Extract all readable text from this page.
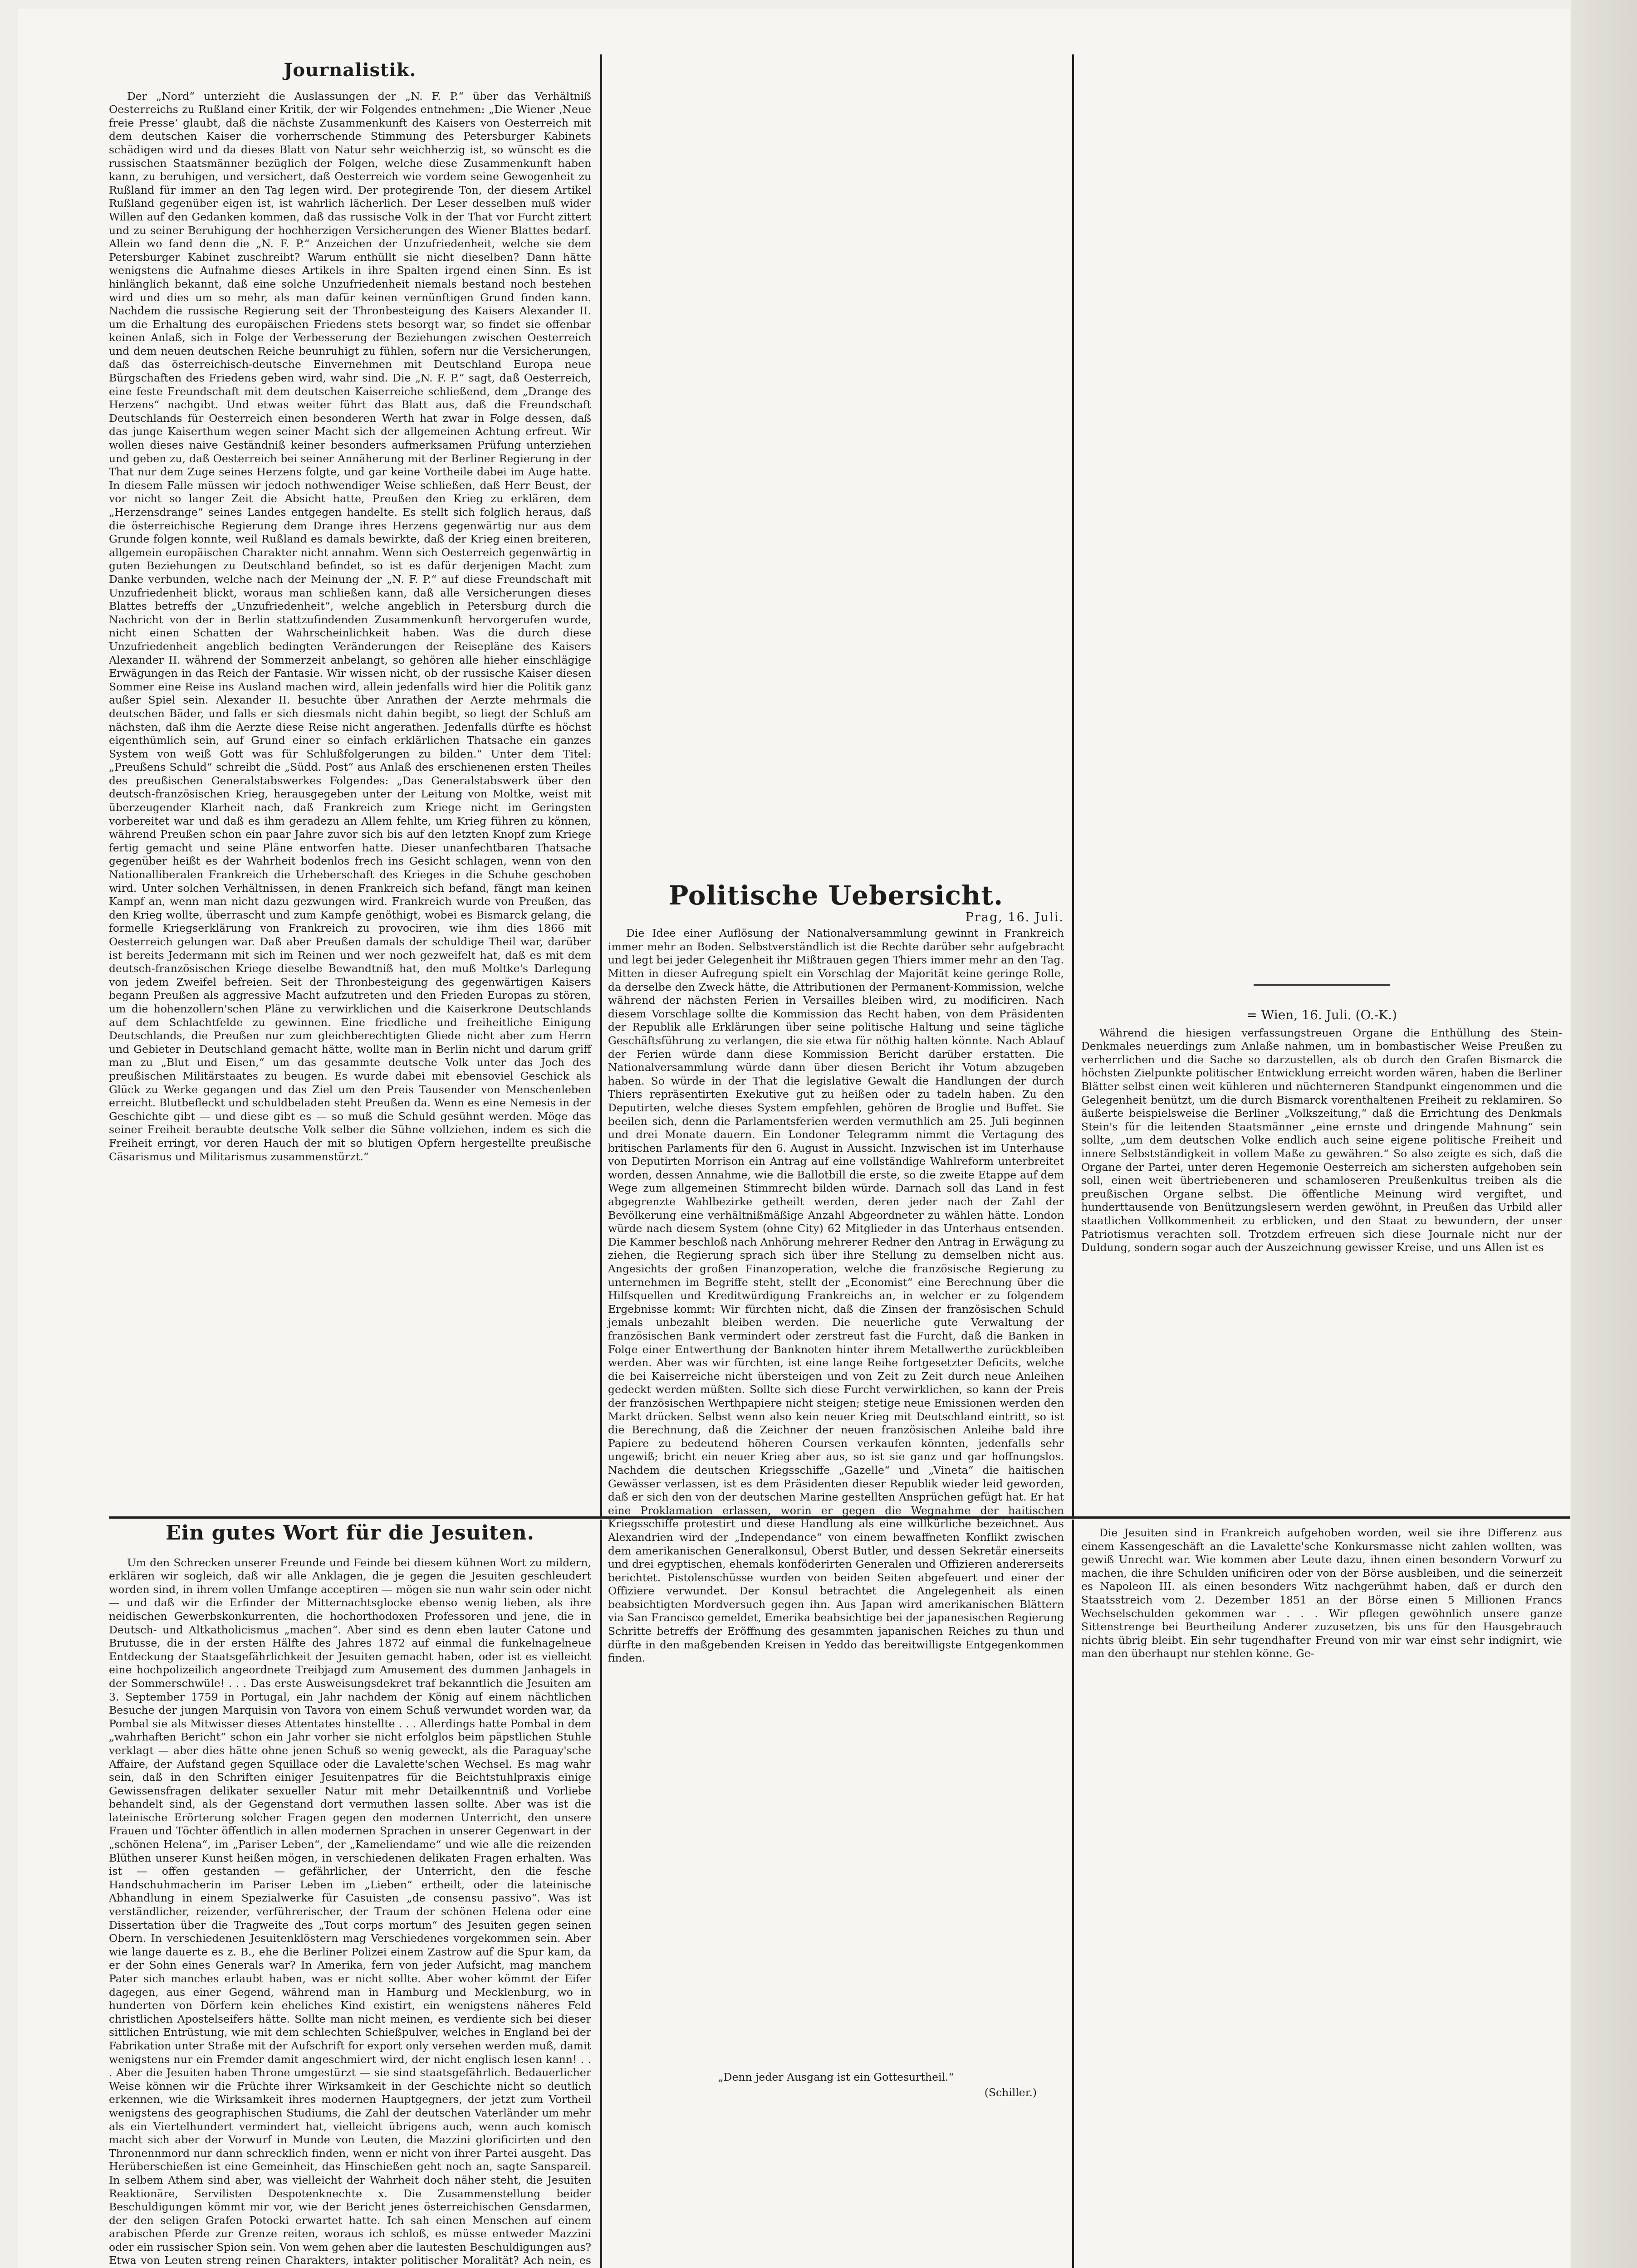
Journalistik.

Der „Nord“ unterzieht die Auslassungen der „N. F. P.“ über das Verhältniß Oesterreichs zu Rußland einer Kritik, der wir Folgendes entnehmen: „Die Wiener ‚Neue freie Presse‘ glaubt, daß die nächste Zusammenkunft des Kaisers von Oesterreich mit dem deutschen Kaiser die vorherrschende Stimmung des Petersburger Kabinets schädigen wird und da dieses Blatt von Natur sehr weichherzig ist, so wünscht es die russischen Staatsmänner bezüglich der Folgen, welche diese Zusammenkunft haben kann, zu beruhigen, und versichert, daß Oesterreich wie vordem seine Gewogenheit zu Rußland für immer an den Tag legen wird. Der protegirende Ton, der diesem Artikel Rußland gegenüber eigen ist, ist wahrlich lächerlich. Der Leser desselben muß wider Willen auf den Gedanken kommen, daß das russische Volk in der That vor Furcht zittert und zu seiner Beruhigung der hochherzigen Versicherungen des Wiener Blattes bedarf. Allein wo fand denn die „N. F. P.“ Anzeichen der Unzufriedenheit, welche sie dem Petersburger Kabinet zuschreibt? Warum enthüllt sie nicht dieselben? Dann hätte wenigstens die Aufnahme dieses Artikels in ihre Spalten irgend einen Sinn. Es ist hinlänglich bekannt, daß eine solche Unzufriedenheit niemals bestand noch bestehen wird und dies um so mehr, als man dafür keinen vernünftigen Grund finden kann. Nachdem die russische Regierung seit der Thronbesteigung des Kaisers Alexander II. um die Erhaltung des europäischen Friedens stets besorgt war, so findet sie offenbar keinen Anlaß, sich in Folge der Verbesserung der Beziehungen zwischen Oesterreich und dem neuen deutschen Reiche beunruhigt zu fühlen, sofern nur die Versicherungen, daß das österreichisch-deutsche Einvernehmen mit Deutschland Europa neue Bürgschaften des Friedens geben wird, wahr sind. Die „N. F. P.“ sagt, daß Oesterreich, eine feste Freundschaft mit dem deutschen Kaiserreiche schließend, dem „Drange des Herzens“ nachgibt. Und etwas weiter führt das Blatt aus, daß die Freundschaft Deutschlands für Oesterreich einen besonderen Werth hat zwar in Folge dessen, daß das junge Kaiserthum wegen seiner Macht sich der allgemeinen Achtung erfreut. Wir wollen dieses naive Geständniß keiner besonders aufmerksamen Prüfung unterziehen und geben zu, daß Oesterreich bei seiner Annäherung mit der Berliner Regierung in der That nur dem Zuge seines Herzens folgte, und gar keine Vortheile dabei im Auge hatte. In diesem Falle müssen wir jedoch nothwendiger Weise schließen, daß Herr Beust, der vor nicht so langer Zeit die Absicht hatte, Preußen den Krieg zu erklären, dem „Herzensdrange“ seines Landes entgegen handelte. Es stellt sich folglich heraus, daß die österreichische Regierung dem Drange ihres Herzens gegenwärtig nur aus dem Grunde folgen konnte, weil Rußland es damals bewirkte, daß der Krieg einen breiteren, allgemein europäischen Charakter nicht annahm. Wenn sich Oesterreich gegenwärtig in guten Beziehungen zu Deutschland befindet, so ist es dafür derjenigen Macht zum Danke verbunden, welche nach der Meinung der „N. F. P.“ auf diese Freundschaft mit Unzufriedenheit blickt, woraus man schließen kann, daß alle Versicherungen dieses Blattes betreffs der „Unzufriedenheit“, welche angeblich in Petersburg durch die Nachricht von der in Berlin stattzufindenden Zusammenkunft hervorgerufen wurde, nicht einen Schatten der Wahrscheinlichkeit haben. Was die durch diese Unzufriedenheit angeblich bedingten Veränderungen der Reisepläne des Kaisers Alexander II. während der Sommerzeit anbelangt, so gehören alle hieher einschlägige Erwägungen in das Reich der Fantasie. Wir wissen nicht, ob der russische Kaiser diesen Sommer eine Reise ins Ausland machen wird, allein jedenfalls wird hier die Politik ganz außer Spiel sein. Alexander II. besuchte über Anrathen der Aerzte mehrmals die deutschen Bäder, und falls er sich diesmals nicht dahin begibt, so liegt der Schluß am nächsten, daß ihm die Aerzte diese Reise nicht angerathen. Jedenfalls dürfte es höchst eigenthümlich sein, auf Grund einer so einfach erklärlichen Thatsache ein ganzes System von weiß Gott was für Schlußfolgerungen zu bilden.“ Unter dem Titel: „Preußens Schuld“ schreibt die „Südd. Post“ aus Anlaß des erschienenen ersten Theiles des preußischen Generalstabswerkes Folgendes: „Das Generalstabswerk über den deutsch-französischen Krieg, herausgegeben unter der Leitung von Moltke, weist mit überzeugender Klarheit nach, daß Frankreich zum Kriege nicht im Geringsten vorbereitet war und daß es ihm geradezu an Allem fehlte, um Krieg führen zu können, während Preußen schon ein paar Jahre zuvor sich bis auf den letzten Knopf zum Kriege fertig gemacht und seine Pläne entworfen hatte. Dieser unanfechtbaren Thatsache gegenüber heißt es der Wahrheit bodenlos frech ins Gesicht schlagen, wenn von den Nationalliberalen Frankreich die Urheberschaft des Krieges in die Schuhe geschoben wird. Unter solchen Verhältnissen, in denen Frankreich sich befand, fängt man keinen Kampf an, wenn man nicht dazu gezwungen wird. Frankreich wurde von Preußen, das den Krieg wollte, überrascht und zum Kampfe genöthigt, wobei es Bismarck gelang, die formelle Kriegserklärung von Frankreich zu provociren, wie ihm dies 1866 mit Oesterreich gelungen war. Daß aber Preußen damals der schuldige Theil war, darüber ist bereits Jedermann mit sich im Reinen und wer noch gezweifelt hat, daß es mit dem deutsch-französischen Kriege dieselbe Bewandtniß hat, den muß Moltke's Darlegung von jedem Zweifel befreien. Seit der Thronbesteigung des gegenwärtigen Kaisers begann Preußen als aggressive Macht aufzutreten und den Frieden Europas zu stören, um die hohenzollern'schen Pläne zu verwirklichen und die Kaiserkrone Deutschlands auf dem Schlachtfelde zu gewinnen. Eine friedliche und freiheitliche Einigung Deutschlands, die Preußen nur zum gleichberechtigten Gliede nicht aber zum Herrn und Gebieter in Deutschland gemacht hätte, wollte man in Berlin nicht und darum griff man zu „Blut und Eisen,“ um das gesammte deutsche Volk unter das Joch des preußischen Militärstaates zu beugen. Es wurde dabei mit ebensoviel Geschick als Glück zu Werke gegangen und das Ziel um den Preis Tausender von Menschenleben erreicht. Blutbefleckt und schuldbeladen steht Preußen da. Wenn es eine Nemesis in der Geschichte gibt — und diese gibt es — so muß die Schuld gesühnt werden. Möge das seiner Freiheit beraubte deutsche Volk selber die Sühne vollziehen, indem es sich die Freiheit erringt, vor deren Hauch der mit so blutigen Opfern hergestellte preußische Cäsarismus und Militarismus zusammenstürzt.“

Politische Uebersicht.
Prag, 16. Juli.

Die Idee einer Auflösung der Nationalversammlung gewinnt in Frankreich immer mehr an Boden. Selbstverständlich ist die Rechte darüber sehr aufgebracht und legt bei jeder Gelegenheit ihr Mißtrauen gegen Thiers immer mehr an den Tag. Mitten in dieser Aufregung spielt ein Vorschlag der Majorität keine geringe Rolle, da derselbe den Zweck hätte, die Attributionen der Permanent-Kommission, welche während der nächsten Ferien in Versailles bleiben wird, zu modificiren. Nach diesem Vorschlage sollte die Kommission das Recht haben, von dem Präsidenten der Republik alle Erklärungen über seine politische Haltung und seine tägliche Geschäftsführung zu verlangen, die sie etwa für nöthig halten könnte. Nach Ablauf der Ferien würde dann diese Kommission Bericht darüber erstatten. Die Nationalversammlung würde dann über diesen Bericht ihr Votum abzugeben haben. So würde in der That die legislative Gewalt die Handlungen der durch Thiers repräsentirten Exekutive gut zu heißen oder zu tadeln haben. Zu den Deputirten, welche dieses System empfehlen, gehören de Broglie und Buffet. Sie beeilen sich, denn die Parlamentsferien werden vermuthlich am 25. Juli beginnen und drei Monate dauern. Ein Londoner Telegramm nimmt die Vertagung des britischen Parlaments für den 6. August in Aussicht. Inzwischen ist im Unterhause von Deputirten Morrison ein Antrag auf eine vollständige Wahlreform unterbreitet worden, dessen Annahme, wie die Ballotbill die erste, so die zweite Etappe auf dem Wege zum allgemeinen Stimmrecht bilden würde. Darnach soll das Land in fest abgegrenzte Wahlbezirke getheilt werden, deren jeder nach der Zahl der Bevölkerung eine verhältnißmäßige Anzahl Abgeordneter zu wählen hätte. London würde nach diesem System (ohne City) 62 Mitglieder in das Unterhaus entsenden. Die Kammer beschloß nach Anhörung mehrerer Redner den Antrag in Erwägung zu ziehen, die Regierung sprach sich über ihre Stellung zu demselben nicht aus. Angesichts der großen Finanzoperation, welche die französische Regierung zu unternehmen im Begriffe steht, stellt der „Economist“ eine Berechnung über die Hilfsquellen und Kreditwürdigung Frankreichs an, in welcher er zu folgendem Ergebnisse kommt: Wir fürchten nicht, daß die Zinsen der französischen Schuld jemals unbezahlt bleiben werden. Die neuerliche gute Verwaltung der französischen Bank vermindert oder zerstreut fast die Furcht, daß die Banken in Folge einer Entwerthung der Banknoten hinter ihrem Metallwerthe zurückbleiben werden. Aber was wir fürchten, ist eine lange Reihe fortgesetzter Deficits, welche die bei Kaiserreiche nicht übersteigen und von Zeit zu Zeit durch neue Anleihen gedeckt werden müßten. Sollte sich diese Furcht verwirklichen, so kann der Preis der französischen Werthpapiere nicht steigen; stetige neue Emissionen werden den Markt drücken. Selbst wenn also kein neuer Krieg mit Deutschland eintritt, so ist die Berechnung, daß die Zeichner der neuen französischen Anleihe bald ihre Papiere zu bedeutend höheren Coursen verkaufen könnten, jedenfalls sehr ungewiß; bricht ein neuer Krieg aber aus, so ist sie ganz und gar hoffnungslos. Nachdem die deutschen Kriegsschiffe „Gazelle“ und „Vineta“ die haitischen Gewässer verlassen, ist es dem Präsidenten dieser Republik wieder leid geworden, daß er sich den von der deutschen Marine gestellten Ansprüchen gefügt hat. Er hat eine Proklamation erlassen, worin er gegen die Wegnahme der haitischen Kriegsschiffe protestirt und diese Handlung als eine willkürliche bezeichnet. Aus Alexandrien wird der „Independance“ von einem bewaffneten Konflikt zwischen dem amerikanischen Generalkonsul, Oberst Butler, und dessen Sekretär einerseits und drei egyptischen, ehemals konföderirten Generalen und Offizieren andererseits berichtet. Pistolenschüsse wurden von beiden Seiten abgefeuert und einer der Offiziere verwundet. Der Konsul betrachtet die Angelegenheit als einen beabsichtigten Mordversuch gegen ihn. Aus Japan wird amerikanischen Blättern via San Francisco gemeldet, Emerika beabsichtige bei der japanesischen Regierung Schritte betreffs der Eröffnung des gesammten japanischen Reiches zu thun und dürfte in den maßgebenden Kreisen in Yeddo das bereitwilligste Entgegenkommen finden.

= Wien, 16. Juli. (O.-K.)

Während die hiesigen verfassungstreuen Organe die Enthüllung des Stein-Denkmales neuerdings zum Anlaße nahmen, um in bombastischer Weise Preußen zu verherrlichen und die Sache so darzustellen, als ob durch den Grafen Bismarck die höchsten Zielpunkte politischer Entwicklung erreicht worden wären, haben die Berliner Blätter selbst einen weit kühleren und nüchterneren Standpunkt eingenommen und die Gelegenheit benützt, um die durch Bismarck vorenthaltenen Freiheit zu reklamiren. So äußerte beispielsweise die Berliner „Volkszeitung,“ daß die Errichtung des Denkmals Stein's für die leitenden Staatsmänner „eine ernste und dringende Mahnung“ sein sollte, „um dem deutschen Volke endlich auch seine eigene politische Freiheit und innere Selbstständigkeit in vollem Maße zu gewähren.“ So also zeigte es sich, daß die Organe der Partei, unter deren Hegemonie Oesterreich am sichersten aufgehoben sein soll, einen weit übertriebeneren und schamloseren Preußenkultus treiben als die preußischen Organe selbst. Die öffentliche Meinung wird vergiftet, und hunderttausende von Benützungslesern werden gewöhnt, in Preußen das Urbild aller staatlichen Vollkommenheit zu erblicken, und den Staat zu bewundern, der unser Patriotismus verachten soll. Trotzdem erfreuen sich diese Journale nicht nur der Duldung, sondern sogar auch der Auszeichnung gewisser Kreise, und uns Allen ist es

Ein gutes Wort für die Jesuiten.

Um den Schrecken unserer Freunde und Feinde bei diesem kühnen Wort zu mildern, erklären wir sogleich, daß wir alle Anklagen, die je gegen die Jesuiten geschleudert worden sind, in ihrem vollen Umfange acceptiren — mögen sie nun wahr sein oder nicht — und daß wir die Erfinder der Mitternachtsglocke ebenso wenig lieben, als ihre neidischen Gewerbskonkurrenten, die hochorthodoxen Professoren und jene, die in Deutsch- und Altkatholicismus „machen“. Aber sind es denn eben lauter Catone und Brutusse, die in der ersten Hälfte des Jahres 1872 auf einmal die funkelnagelneue Entdeckung der Staatsgefährlichkeit der Jesuiten gemacht haben, oder ist es vielleicht eine hochpolizeilich angeordnete Treibjagd zum Amusement des dummen Janhagels in der Sommerschwüle! . . . Das erste Ausweisungsdekret traf bekanntlich die Jesuiten am 3. September 1759 in Portugal, ein Jahr nachdem der König auf einem nächtlichen Besuche der jungen Marquisin von Tavora von einem Schuß verwundet worden war, da Pombal sie als Mitwisser dieses Attentates hinstellte . . . Allerdings hatte Pombal in dem „wahrhaften Bericht“ schon ein Jahr vorher sie nicht erfolglos beim päpstlichen Stuhle verklagt — aber dies hätte ohne jenen Schuß so wenig geweckt, als die Paraguay'sche Affaire, der Aufstand gegen Squillace oder die Lavalette'schen Wechsel. Es mag wahr sein, daß in den Schriften einiger Jesuitenpatres für die Beichtstuhlpraxis einige Gewissensfragen delikater sexueller Natur mit mehr Detailkenntniß und Vorliebe behandelt sind, als der Gegenstand dort vermuthen lassen sollte. Aber was ist die lateinische Erörterung solcher Fragen gegen den modernen Unterricht, den unsere Frauen und Töchter öffentlich in allen modernen Sprachen in unserer Gegenwart in der „schönen Helena“, im „Pariser Leben“, der „Kameliendame“ und wie alle die reizenden Blüthen unserer Kunst heißen mögen, in verschiedenen delikaten Fragen erhalten. Was ist — offen gestanden — gefährlicher, der Unterricht, den die fesche Handschuhmacherin im Pariser Leben im „Lieben“ ertheilt, oder die lateinische Abhandlung in einem Spezialwerke für Casuisten „de consensu passivo“. Was ist verständlicher, reizender, verführerischer, der Traum der schönen Helena oder eine Dissertation über die Tragweite des „Tout corps mortum“ des Jesuiten gegen seinen Obern. In verschiedenen Jesuitenklöstern mag Verschiedenes vorgekommen sein. Aber wie lange dauerte es z. B., ehe die Berliner Polizei einem Zastrow auf die Spur kam, da er der Sohn eines Generals war? In Amerika, fern von jeder Aufsicht, mag manchem Pater sich manches erlaubt haben, was er nicht sollte. Aber woher kömmt der Eifer dagegen, aus einer Gegend, während man in Hamburg und Mecklenburg, wo in hunderten von Dörfern kein eheliches Kind existirt, ein wenigstens näheres Feld christlichen Apostelseifers hätte. Sollte man nicht meinen, es verdiente sich bei dieser sittlichen Entrüstung, wie mit dem schlechten Schießpulver, welches in England bei der Fabrikation unter Straße mit der Aufschrift for export only versehen werden muß, damit wenigstens nur ein Fremder damit angeschmiert wird, der nicht englisch lesen kann! . . . Aber die Jesuiten haben Throne umgestürzt — sie sind staatsgefährlich. Bedauerlicher Weise können wir die Früchte ihrer Wirksamkeit in der Geschichte nicht so deutlich erkennen, wie die Wirksamkeit ihres modernen Hauptgegners, der jetzt zum Vortheil wenigstens des geographischen Studiums, die Zahl der deutschen Vaterländer um mehr als ein Viertelhundert vermindert hat, vielleicht übrigens auch, wenn auch komisch macht sich aber der Vorwurf in Munde von Leuten, die Mazzini glorificirten und den Thronennmord nur dann schrecklich finden, wenn er nicht von ihrer Partei ausgeht. Das Herüberschießen ist eine Gemeinheit, das Hinschießen geht noch an, sagte Sanspareil. In selbem Athem sind aber, was vielleicht der Wahrheit doch näher steht, die Jesuiten Reaktionäre, Servilisten Despotenknechte x. Die Zusammenstellung beider Beschuldigungen kömmt mir vor, wie der Bericht jenes österreichischen Gensdarmen, der den seligen Grafen Potocki erwartet hatte. Ich sah einen Menschen auf einem arabischen Pferde zur Grenze reiten, woraus ich schloß, es müsse entweder Mazzini oder ein russischer Spion sein. Von wem gehen aber die lautesten Beschuldigungen aus? Etwa von Leuten streng reinen Charakters, intakter politischer Moralität? Ach nein, es

„Denn jeder Ausgang ist ein Gottesurtheil.“
(Schiller.)

Die Jesuiten sind in Frankreich aufgehoben worden, weil sie ihre Differenz aus einem Kassengeschäft an die Lavalette'sche Konkursmasse nicht zahlen wollten, was gewiß Unrecht war. Wie kommen aber Leute dazu, ihnen einen besondern Vorwurf zu machen, die ihre Schulden unificiren oder von der Börse ausbleiben, und die seinerzeit es Napoleon III. als einen besonders Witz nachgerühmt haben, daß er durch den Staatsstreich vom 2. Dezember 1851 an der Börse einen 5 Millionen Francs Wechselschulden gekommen war . . . Wir pflegen gewöhnlich unsere ganze Sittenstrenge bei Beurtheilung Anderer zuzusetzen, bis uns für den Hausgebrauch nichts übrig bleibt. Ein sehr tugendhafter Freund von mir war einst sehr indignirt, wie man den überhaupt nur stehlen könne. Ge-
